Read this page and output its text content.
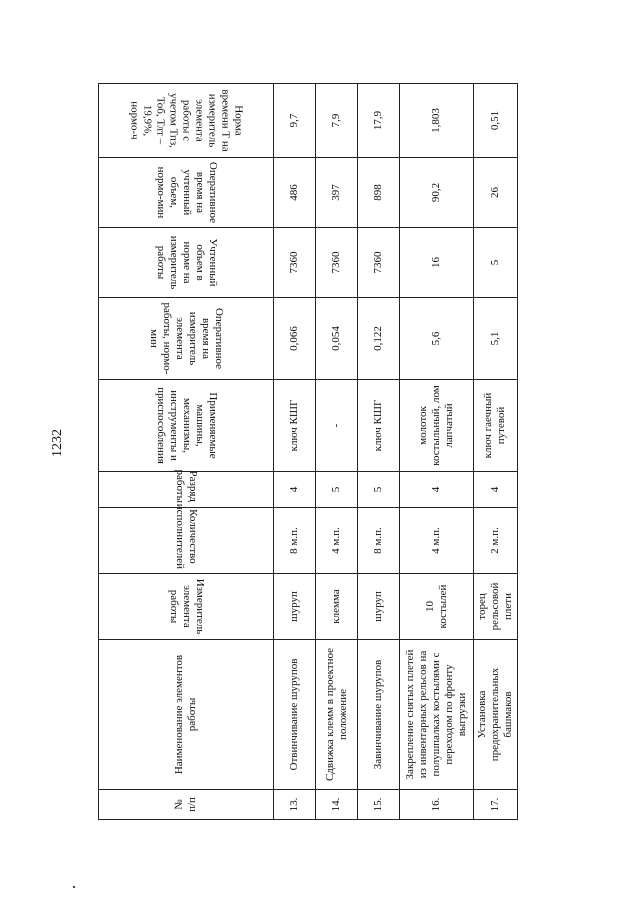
1232
№ п/п	Наименование элементов работы	Измеритель элемента работы	Количество исполнителей	Разряд работы	Применяемые машины, механизмы, инструменты и приспособления	Оперативное время на измеритель элемента работы, нормо-мин	Учтенный объем в норме на измеритель работы	Оперативное время на учтенный объем, нормо-мин	Норма времени Т на измеритель элемента работы с учетом Тпз, Тоб, Тлт – 19,9%, нормо-ч
13.	Отвинчивание шурупов	шуруп	8 м.п.	4	ключ КШГ	0,066	7360	486	9,7
14.	Сдвижка клемм в проектное положение	клемма	4 м.п.	5	-	0,054	7360	397	7,9
15.	Завинчивание шурупов	шуруп	8 м.п.	5	ключ КШГ	0,122	7360	898	17,9
16.	Закрепление снятых плетей из инвентарных рельсов на полушпалках костылями с переходом по фронту выгрузки	10 костылей	4 м.п.	4	молоток костыльный, лом лапчатый	5,6	16	90,2	1,803
17.	Установка предохранительных башмаков	торец рельсовой плети	2 м.п.	4	ключ гаечный путевой	5,1	5	26	0,51
